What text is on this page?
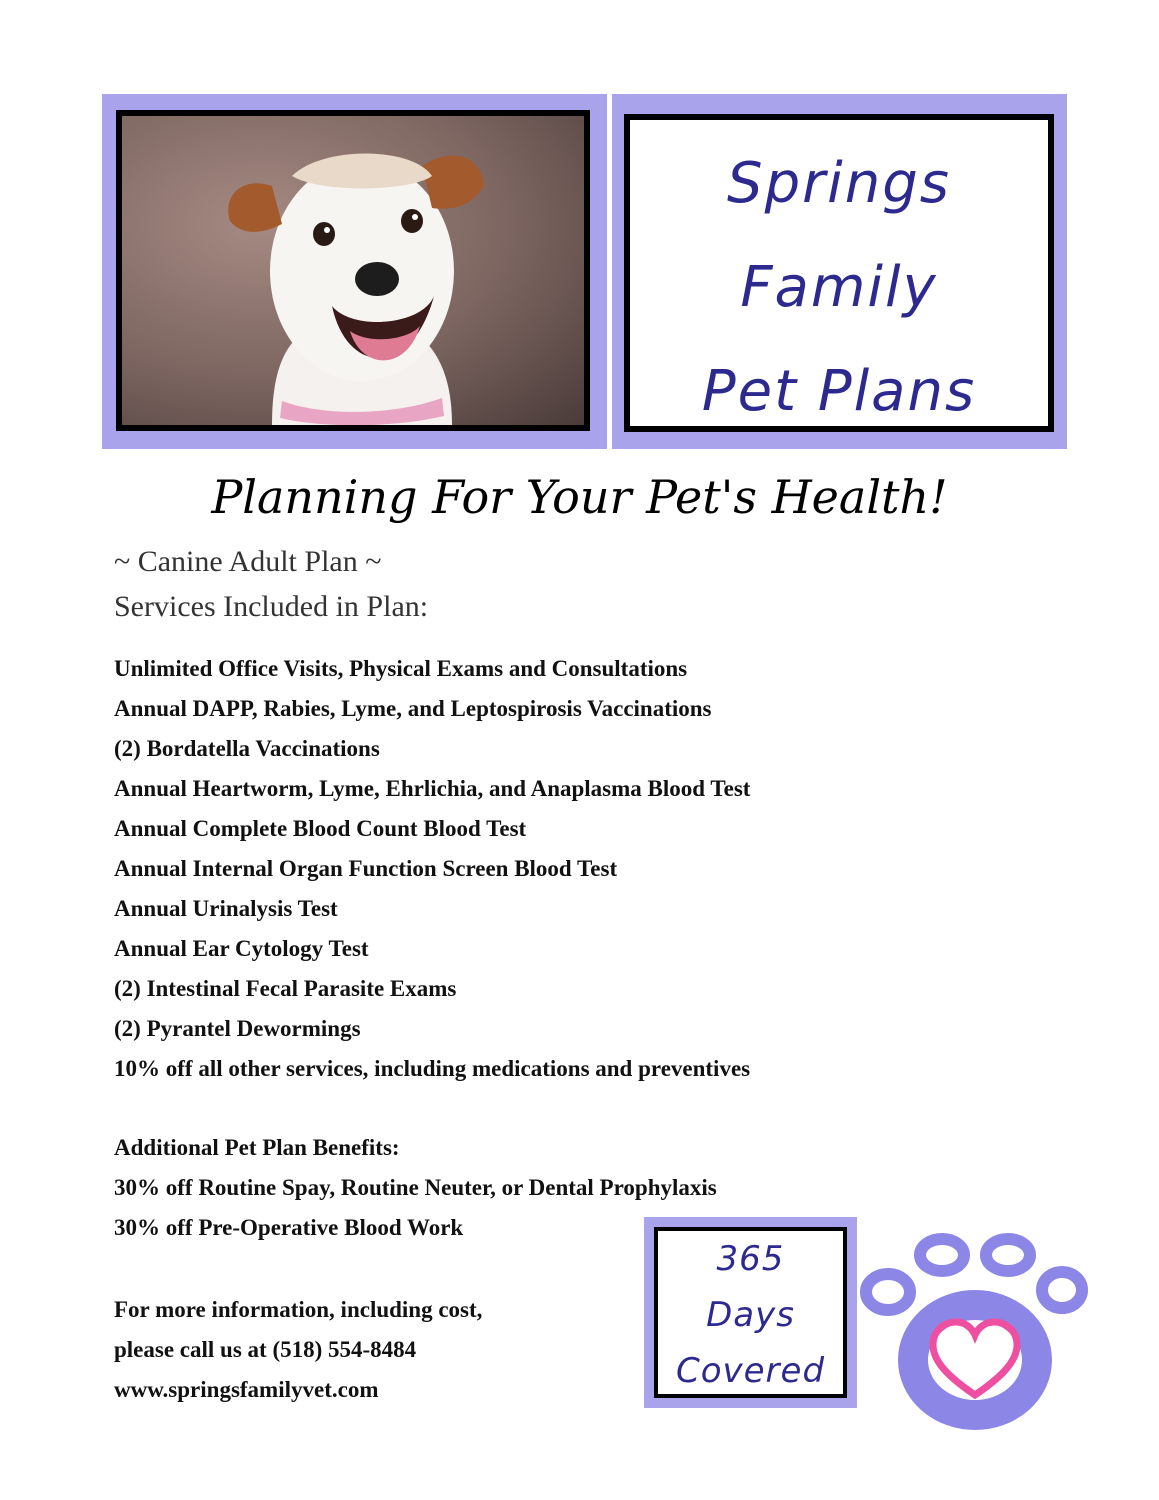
Springs
Family
Pet Plans
Planning For Your Pet's Health!

~ Canine Adult Plan ~

Services Included in Plan:

Unlimited Office Visits, Physical Exams and Consultations
Annual DAPP, Rabies, Lyme, and Leptospirosis Vaccinations
(2) Bordatella Vaccinations
Annual Heartworm, Lyme, Ehrlichia, and Anaplasma Blood Test
Annual Complete Blood Count Blood Test
Annual Internal Organ Function Screen Blood Test
Annual Urinalysis Test
Annual Ear Cytology Test
(2) Intestinal Fecal Parasite Exams
(2) Pyrantel Dewormings
10% off all other services, including medications and preventives

Additional Pet Plan Benefits:

30% off Routine Spay, Routine Neuter, or Dental Prophylaxis
30% off Pre-Operative Blood Work
For more information, including cost,
please call us at (518) 554-8484
www.springsfamilyvet.com
365
Days
Covered
